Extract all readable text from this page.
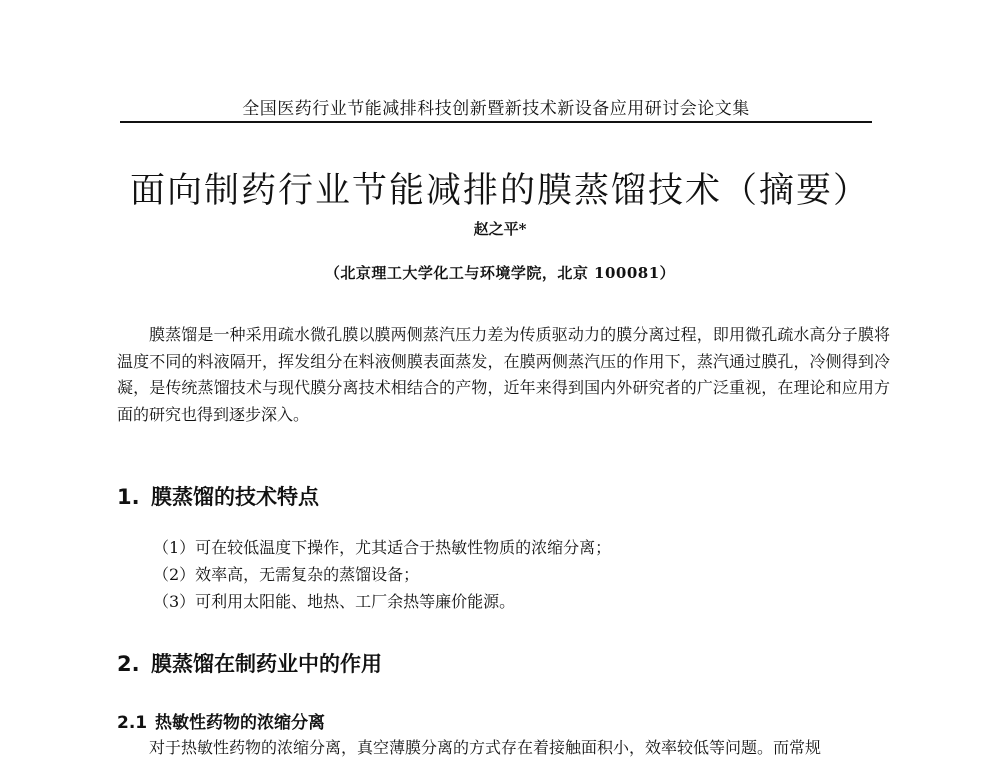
全国医药行业节能减排科技创新暨新技术新设备应用研讨会论文集
面向制药行业节能减排的膜蒸馏技术（摘要）
赵之平*
（北京理工大学化工与环境学院，北京 100081）

膜蒸馏是一种采用疏水微孔膜以膜两侧蒸汽压力差为传质驱动力的膜分离过程，即用微孔疏水高分子膜将温度不同的料液隔开，挥发组分在料液侧膜表面蒸发，在膜两侧蒸汽压的作用下，蒸汽通过膜孔，冷侧得到冷凝，是传统蒸馏技术与现代膜分离技术相结合的产物，近年来得到国内外研究者的广泛重视，在理论和应用方面的研究也得到逐步深入。

1. 膜蒸馏的技术特点
（1）可在较低温度下操作，尤其适合于热敏性物质的浓缩分离；
（2）效率高，无需复杂的蒸馏设备；
（3）可利用太阳能、地热、工厂余热等廉价能源。
2. 膜蒸馏在制药业中的作用
2.1 热敏性药物的浓缩分离

对于热敏性药物的浓缩分离，真空薄膜分离的方式存在着接触面积小，效率较低等问题。而常规
